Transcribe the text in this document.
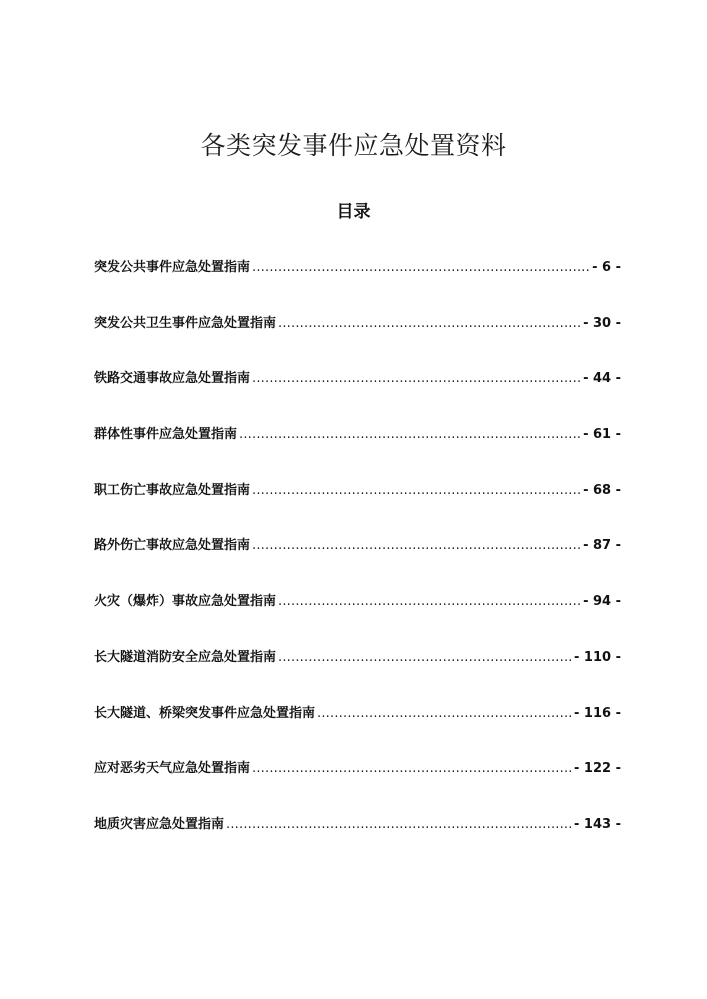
各类突发事件应急处置资料
目录
突发公共事件应急处置指南 .....	- 6 -
突发公共卫生事件应急处置指南 .....	- 30 -
铁路交通事故应急处置指南 .....	- 44 -
群体性事件应急处置指南 .....	- 61 -
职工伤亡事故应急处置指南 .....	- 68 -
路外伤亡事故应急处置指南 .....	- 87 -
火灾（爆炸）事故应急处置指南 .....	- 94 -
长大隧道消防安全应急处置指南 .....	- 110 -
长大隧道、桥梁突发事件应急处置指南 .....	- 116 -
应对恶劣天气应急处置指南 .....	- 122 -
地质灾害应急处置指南 .....	- 143 -
